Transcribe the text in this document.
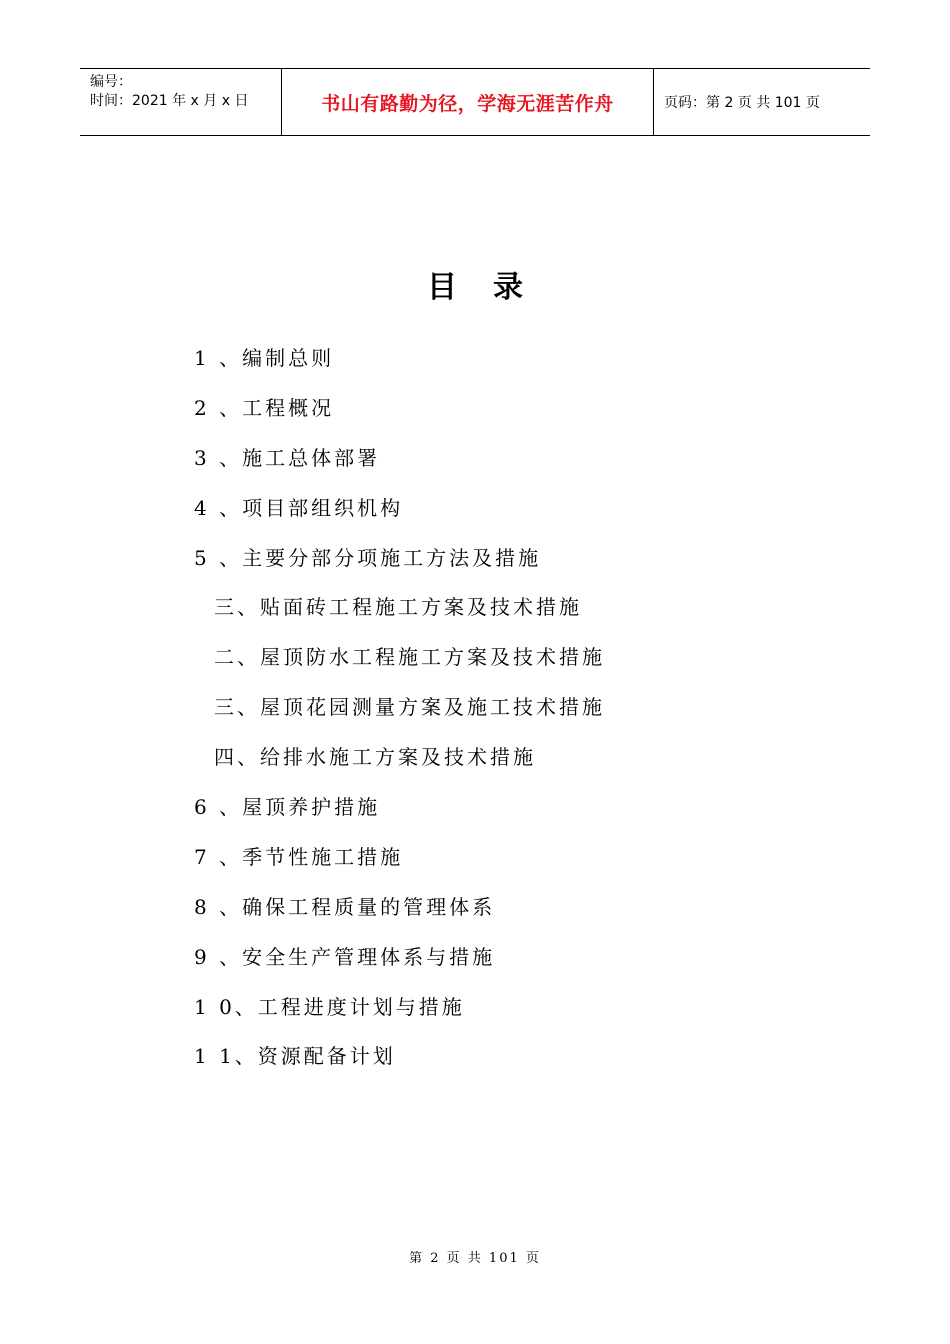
编号：
时间：2021 年 x 月 x 日	书山有路勤为径，学海无涯苦作舟	页码：第 2 页 共 101 页
目录
1 、编制总则
2 、工程概况
3 、施工总体部署
4 、项目部组织机构
5 、主要分部分项施工方法及措施
三、贴面砖工程施工方案及技术措施
二、屋顶防水工程施工方案及技术措施
三、屋顶花园测量方案及施工技术措施
四、给排水施工方案及技术措施
6 、屋顶养护措施
7 、季节性施工措施
8 、确保工程质量的管理体系
9 、安全生产管理体系与措施
1 0、工程进度计划与措施
1 1、资源配备计划
第 2 页 共 101 页
